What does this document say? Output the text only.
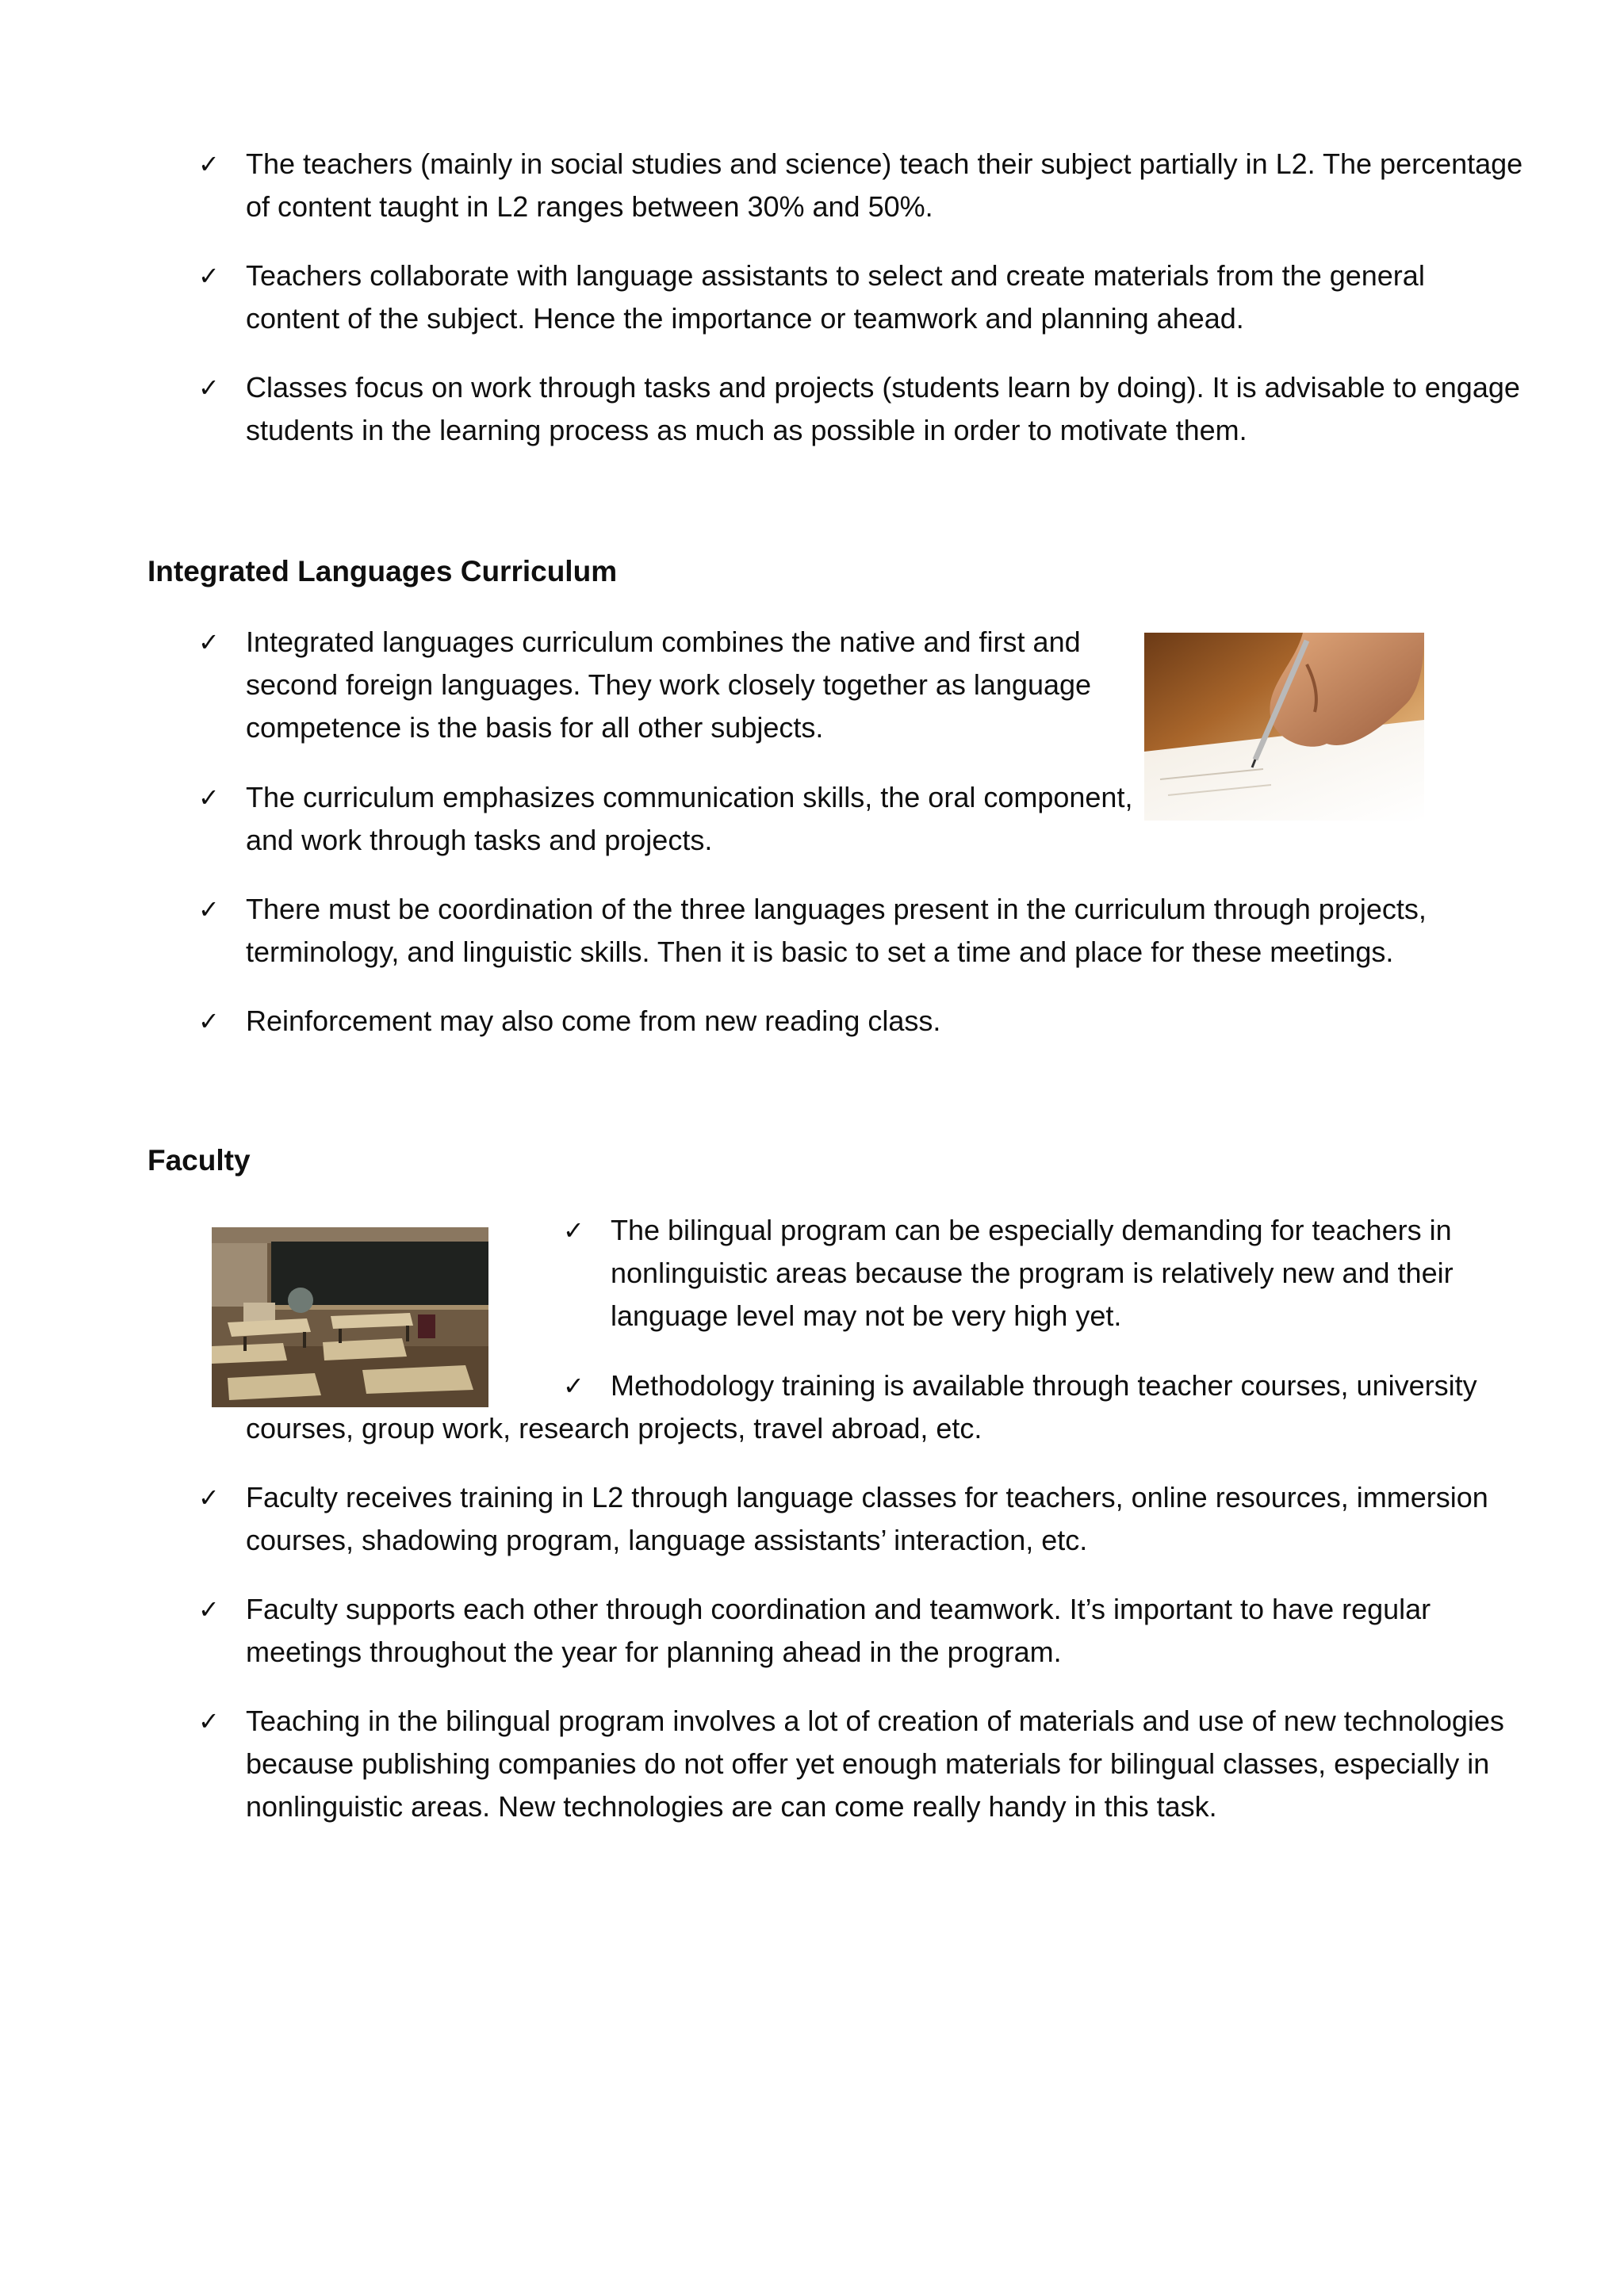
✓ The teachers (mainly in social studies and science) teach their subject partially in L2. The percentage
of content taught in L2 ranges between 30% and 50%.
✓ Teachers collaborate with language assistants to select and create materials from the general
content of the subject. Hence the importance or teamwork and planning ahead.
✓ Classes focus on work through tasks and projects (students learn by doing). It is advisable to engage
students in the learning process as much as possible in order to motivate them.
Integrated Languages Curriculum
✓ Integrated languages curriculum combines the native and first and
second foreign languages. They work closely together as language
competence is the basis for all other subjects.
✓ The curriculum emphasizes communication skills, the oral component,
and work through tasks and projects.
✓ There must be coordination of the three languages present in the curriculum through projects,
terminology, and linguistic skills. Then it is basic to set a time and place for these meetings.
✓ Reinforcement may also come from new reading class.
Faculty
✓ The bilingual program can be especially demanding for teachers in
nonlinguistic areas because the program is relatively new and their
language level may not be very high yet.
✓ Methodology training is available through teacher courses, university
courses, group work, research projects, travel abroad, etc.
✓ Faculty receives training in L2 through language classes for teachers, online resources, immersion
courses, shadowing program, language assistants’ interaction, etc.
✓ Faculty supports each other through coordination and teamwork. It’s important to have regular
meetings throughout the year for planning ahead in the program.
✓ Teaching in the bilingual program involves a lot of creation of materials and use of new technologies
because publishing companies do not offer yet enough materials for bilingual classes, especially in
nonlinguistic areas. New technologies are can come really handy in this task.
